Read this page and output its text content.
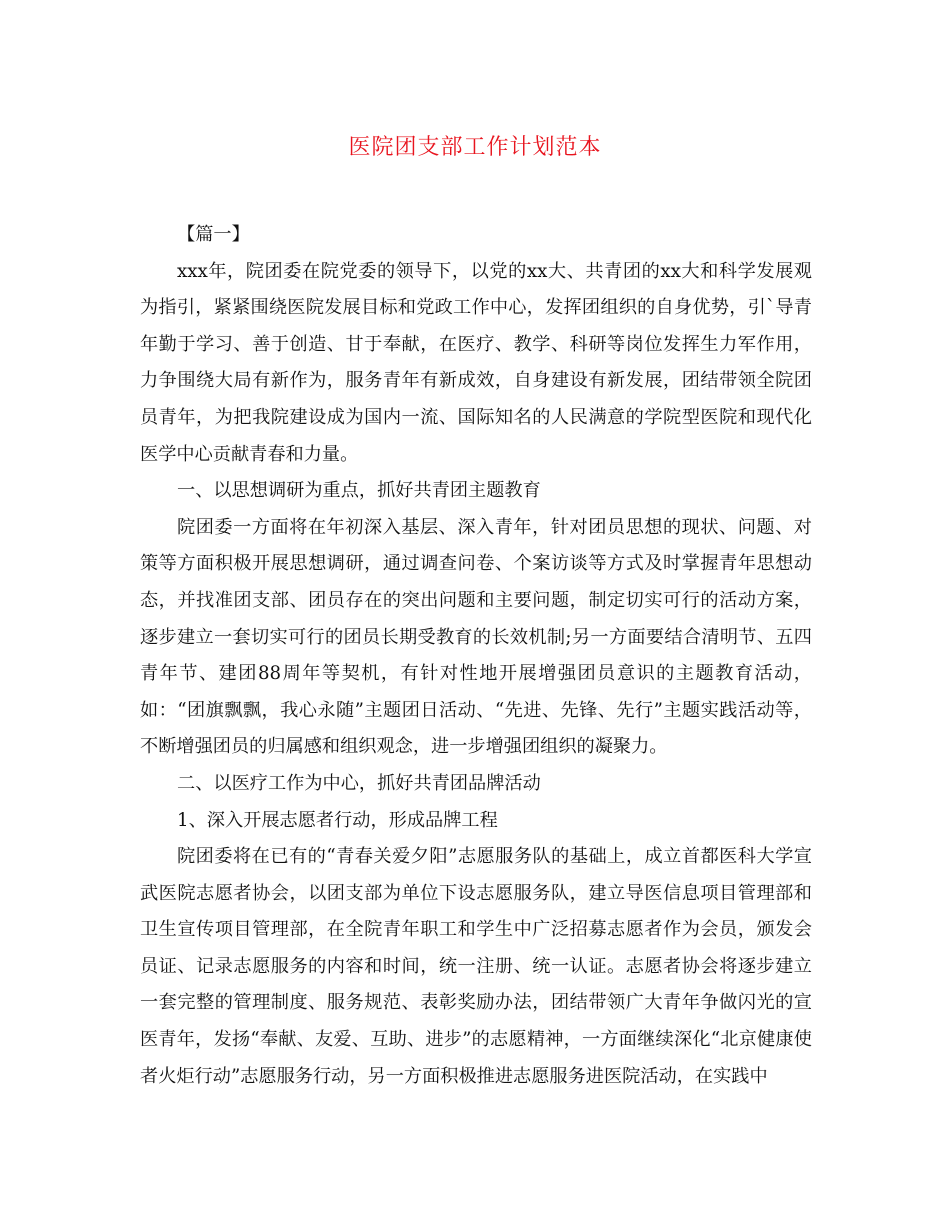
医院团支部工作计划范本

【篇一】

xxx年，院团委在院党委的领导下，以党的xx大、共青团的xx大和科学发展观为指引，紧紧围绕医院发展目标和党政工作中心，发挥团组织的自身优势，引`导青年勤于学习、善于创造、甘于奉献，在医疗、教学、科研等岗位发挥生力军作用，力争围绕大局有新作为，服务青年有新成效，自身建设有新发展，团结带领全院团员青年，为把我院建设成为国内一流、国际知名的人民满意的学院型医院和现代化医学中心贡献青春和力量。

一、以思想调研为重点，抓好共青团主题教育

院团委一方面将在年初深入基层、深入青年，针对团员思想的现状、问题、对策等方面积极开展思想调研，通过调查问卷、个案访谈等方式及时掌握青年思想动态，并找准团支部、团员存在的突出问题和主要问题，制定切实可行的活动方案，逐步建立一套切实可行的团员长期受教育的长效机制;另一方面要结合清明节、五四青年节、建团88周年等契机，有针对性地开展增强团员意识的主题教育活动，如：“团旗飘飘，我心永随”主题团日活动、“先进、先锋、先行”主题实践活动等，不断增强团员的归属感和组织观念，进一步增强团组织的凝聚力。

二、以医疗工作为中心，抓好共青团品牌活动

1、深入开展志愿者行动，形成品牌工程

院团委将在已有的“青春关爱夕阳”志愿服务队的基础上，成立首都医科大学宣武医院志愿者协会，以团支部为单位下设志愿服务队，建立导医信息项目管理部和卫生宣传项目管理部，在全院青年职工和学生中广泛招募志愿者作为会员，颁发会员证、记录志愿服务的内容和时间，统一注册、统一认证。志愿者协会将逐步建立一套完整的管理制度、服务规范、表彰奖励办法，团结带领广大青年争做闪光的宣医青年，发扬“奉献、友爱、互助、进步”的志愿精神，一方面继续深化“北京健康使者火炬行动”志愿服务行动，另一方面积极推进志愿服务进医院活动，在实践中
